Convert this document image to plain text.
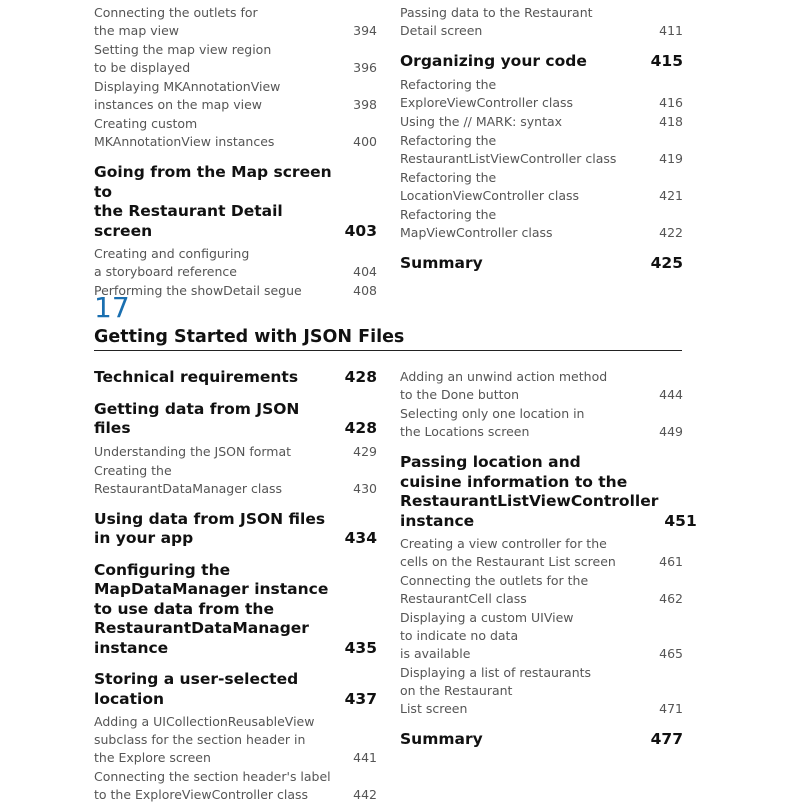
Connecting the outlets for
the map view	394
Setting the map view region
to be displayed	396
Displaying MKAnnotationView
instances on the map view	398
Creating custom
MKAnnotationView instances	400
Going from the Map screen to
the Restaurant Detail screen	403
Creating and configuring
a storyboard reference	404
Performing the showDetail segue	408
Passing data to the Restaurant
Detail screen	411
Organizing your code	415
Refactoring the
ExploreViewController class	416
Using the // MARK: syntax	418
Refactoring the
RestaurantListViewController class	419
Refactoring the
LocationViewController class	421
Refactoring the
MapViewController class	422
Summary	425
17
Getting Started with JSON Files
Technical requirements	428
Getting data from JSON files	428
Understanding the JSON format	429
Creating the
RestaurantDataManager class	430
Using data from JSON files
in your app	434
Configuring the
MapDataManager instance
to use data from the
RestaurantDataManager
instance	435
Storing a user-selected
location	437
Adding a UICollectionReusableView
subclass for the section header in
the Explore screen	441
Connecting the section header's label
to the ExploreViewController class	442
Adding an unwind action method
to the Done button	444
Selecting only one location in
the Locations screen	449
Passing location and
cuisine information to the
RestaurantListViewController
instance	451
Creating a view controller for the
cells on the Restaurant List screen	461
Connecting the outlets for the
RestaurantCell class	462
Displaying a custom UIView
to indicate no data
is available	465
Displaying a list of restaurants
on the Restaurant
List screen	471
Summary	477
